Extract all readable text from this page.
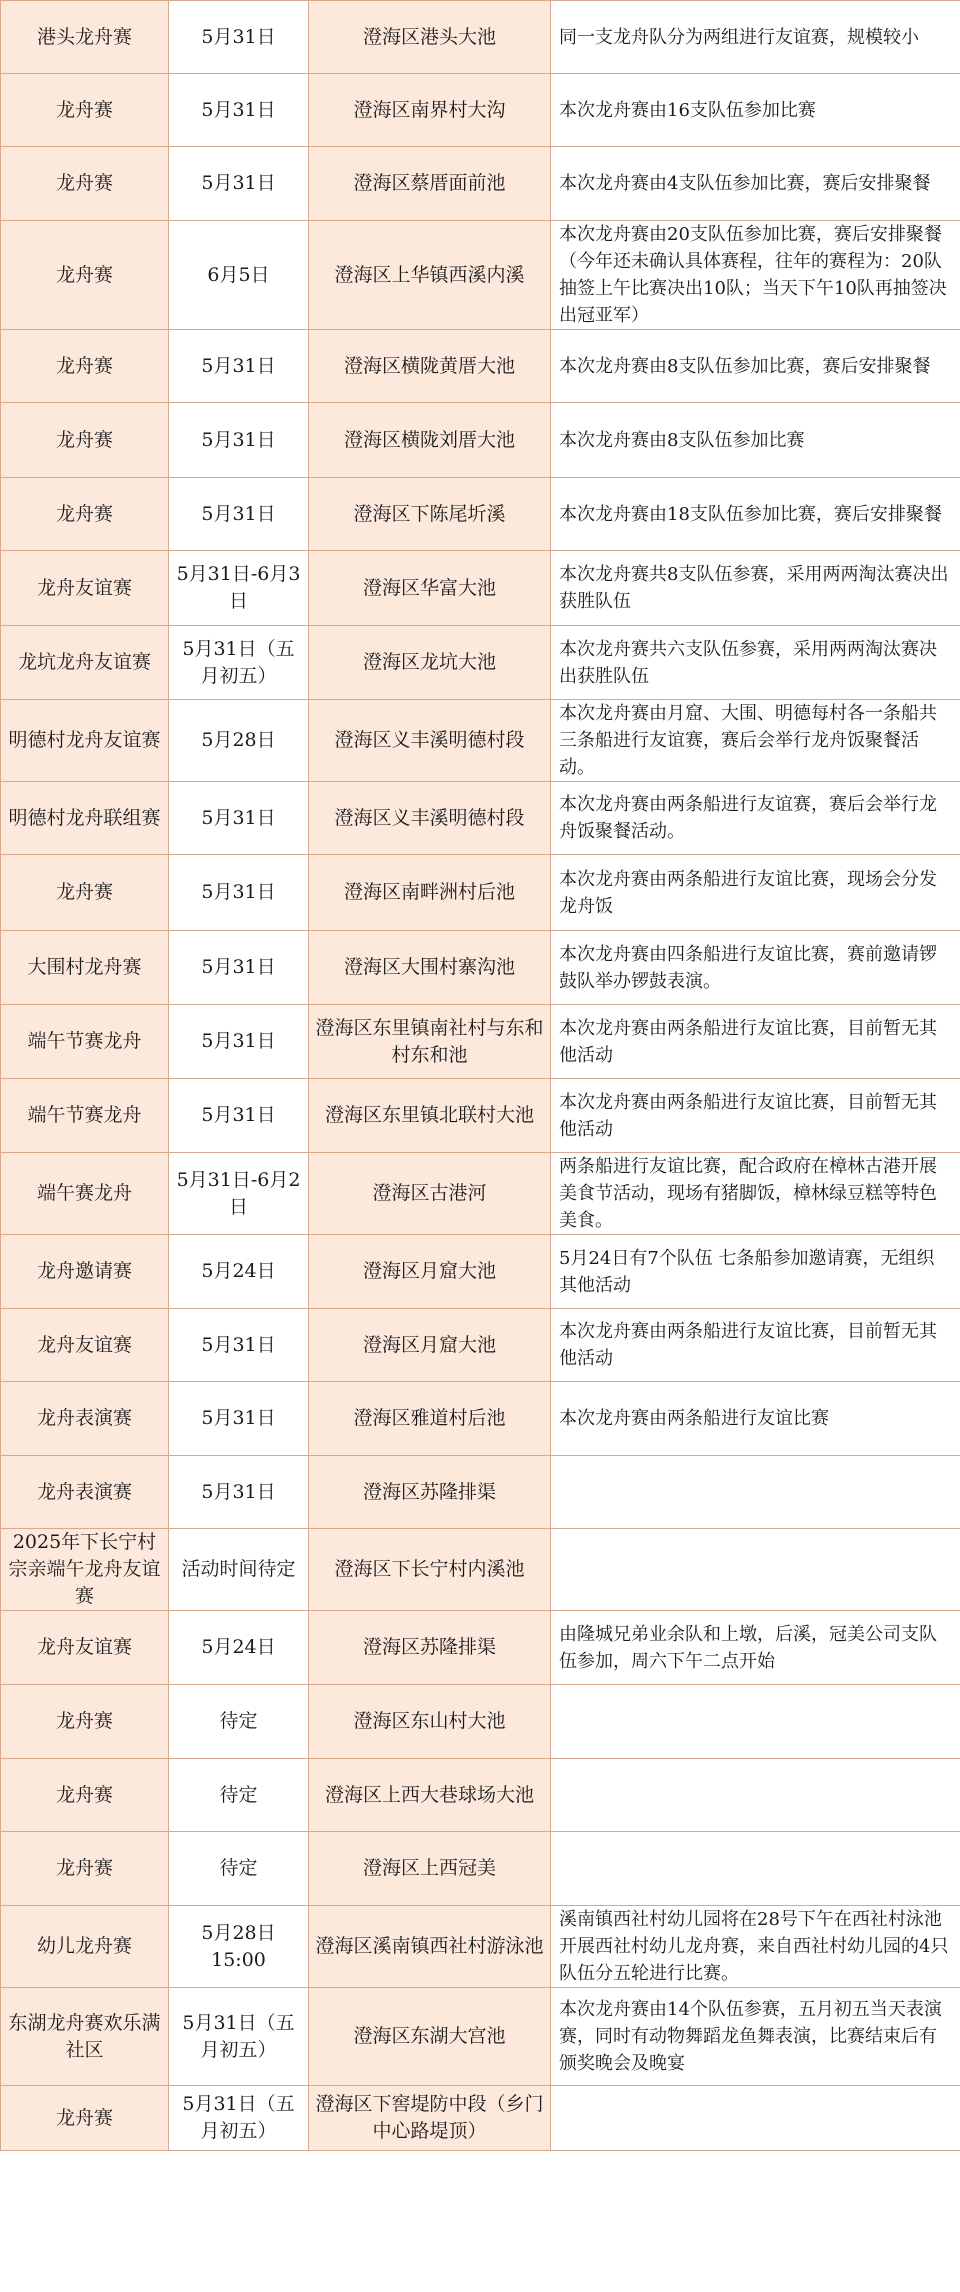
港头龙舟赛	5月31日	澄海区港头大池	同一支龙舟队分为两组进行友谊赛，规模较小
龙舟赛	5月31日	澄海区南界村大沟	本次龙舟赛由16支队伍参加比赛
龙舟赛	5月31日	澄海区蔡厝面前池	本次龙舟赛由4支队伍参加比赛，赛后安排聚餐
龙舟赛	6月5日	澄海区上华镇西溪内溪	本次龙舟赛由20支队伍参加比赛，赛后安排聚餐（今年还未确认具体赛程，往年的赛程为：20队抽签上午比赛决出10队；当天下午10队再抽签决出冠亚军）
龙舟赛	5月31日	澄海区横陇黄厝大池	本次龙舟赛由8支队伍参加比赛，赛后安排聚餐
龙舟赛	5月31日	澄海区横陇刘厝大池	本次龙舟赛由8支队伍参加比赛
龙舟赛	5月31日	澄海区下陈尾圻溪	本次龙舟赛由18支队伍参加比赛，赛后安排聚餐
龙舟友谊赛	5月31日-6月3日	澄海区华富大池	本次龙舟赛共8支队伍参赛，采用两两淘汰赛决出获胜队伍
龙坑龙舟友谊赛	5月31日（五月初五）	澄海区龙坑大池	本次龙舟赛共六支队伍参赛，采用两两淘汰赛决出获胜队伍
明德村龙舟友谊赛	5月28日	澄海区义丰溪明德村段	本次龙舟赛由月窟、大围、明德每村各一条船共三条船进行友谊赛，赛后会举行龙舟饭聚餐活动。
明德村龙舟联组赛	5月31日	澄海区义丰溪明德村段	本次龙舟赛由两条船进行友谊赛，赛后会举行龙舟饭聚餐活动。
龙舟赛	5月31日	澄海区南畔洲村后池	本次龙舟赛由两条船进行友谊比赛，现场会分发龙舟饭
大围村龙舟赛	5月31日	澄海区大围村寨沟池	本次龙舟赛由四条船进行友谊比赛，赛前邀请锣鼓队举办锣鼓表演。
端午节赛龙舟	5月31日	澄海区东里镇南社村与东和村东和池	本次龙舟赛由两条船进行友谊比赛，目前暂无其他活动
端午节赛龙舟	5月31日	澄海区东里镇北联村大池	本次龙舟赛由两条船进行友谊比赛，目前暂无其他活动
端午赛龙舟	5月31日-6月2日	澄海区古港河	两条船进行友谊比赛，配合政府在樟林古港开展美食节活动，现场有猪脚饭，樟林绿豆糕等特色美食。
龙舟邀请赛	5月24日	澄海区月窟大池	5月24日有7个队伍 七条船参加邀请赛，无组织其他活动
龙舟友谊赛	5月31日	澄海区月窟大池	本次龙舟赛由两条船进行友谊比赛，目前暂无其他活动
龙舟表演赛	5月31日	澄海区雅道村后池	本次龙舟赛由两条船进行友谊比赛
龙舟表演赛	5月31日	澄海区苏隆排渠	
2025年下长宁村宗亲端午龙舟友谊赛	活动时间待定	澄海区下长宁村内溪池	
龙舟友谊赛	5月24日	澄海区苏隆排渠	由隆城兄弟业余队和上墩，后溪，冠美公司支队伍参加，周六下午二点开始
龙舟赛	待定	澄海区东山村大池	
龙舟赛	待定	澄海区上西大巷球场大池	
龙舟赛	待定	澄海区上西冠美	
幼儿龙舟赛	5月28日15:00	澄海区溪南镇西社村游泳池	溪南镇西社村幼儿园将在28号下午在西社村泳池开展西社村幼儿龙舟赛，来自西社村幼儿园的4只队伍分五轮进行比赛。
东湖龙舟赛欢乐满社区	5月31日（五月初五）	澄海区东湖大宫池	本次龙舟赛由14个队伍参赛，五月初五当天表演赛，同时有动物舞蹈龙鱼舞表演，比赛结束后有颁奖晚会及晚宴
龙舟赛	5月31日（五月初五）	澄海区下窖堤防中段（乡门中心路堤顶）	
